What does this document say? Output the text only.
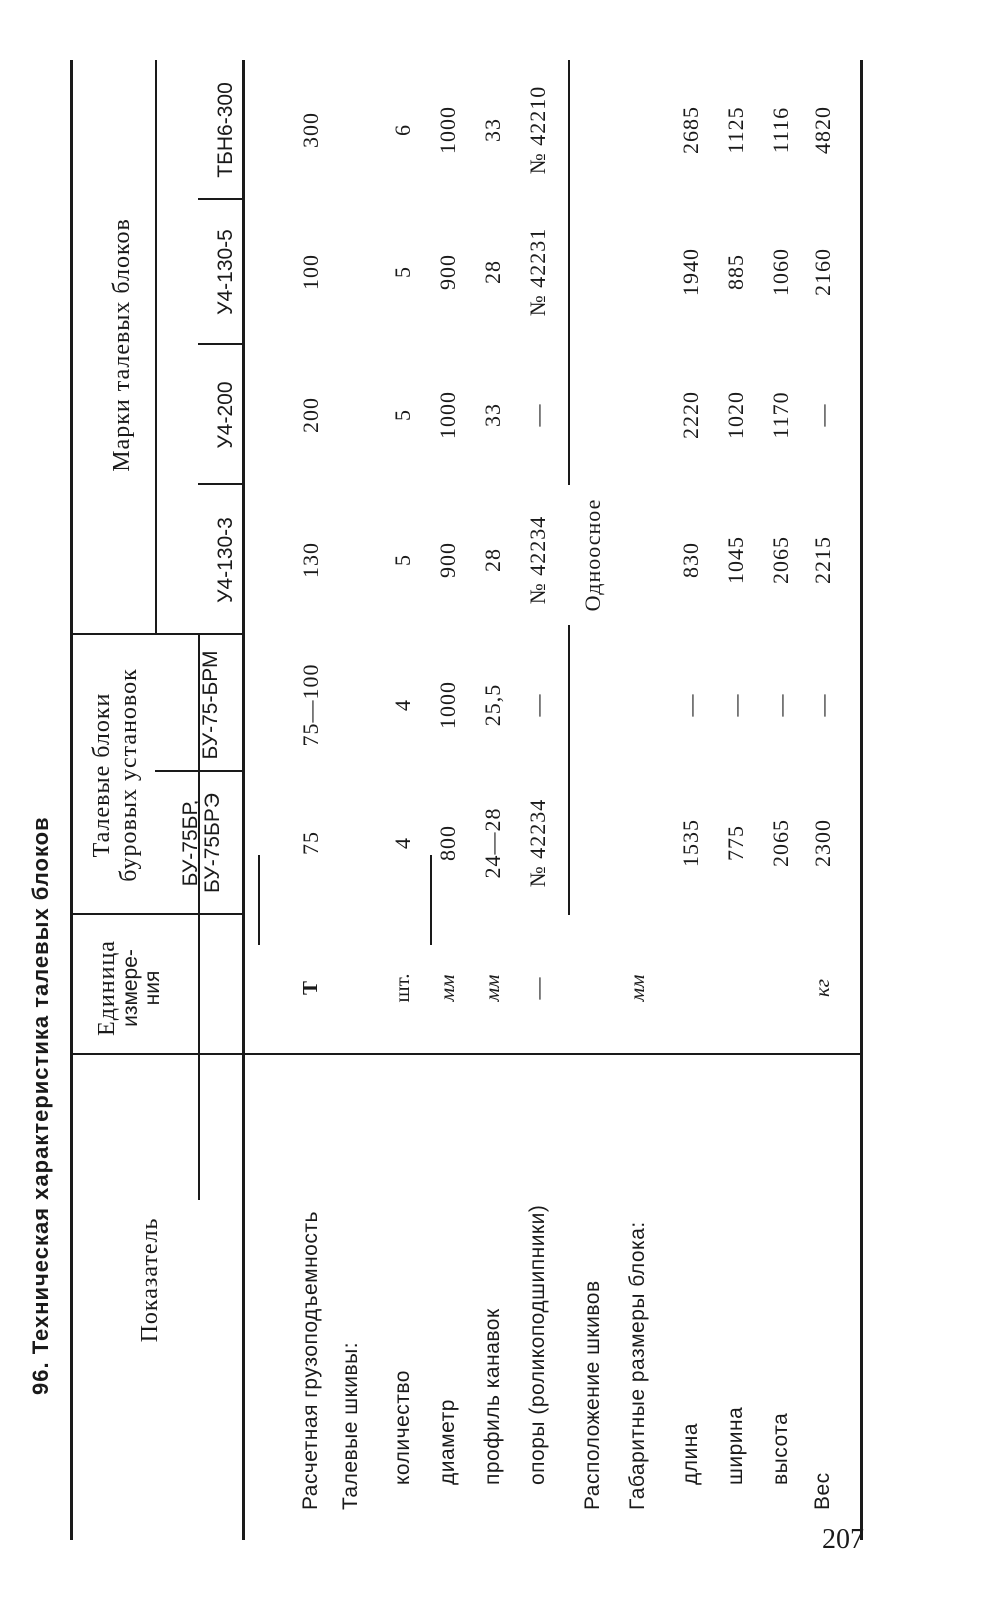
96. Техническая характеристика талевых блоков	Показатель
Единица измере- ния
Талевые блоки буровых установок
Марки талевых блоков
БУ-75БР, БУ-75БРЭ
БУ-75-БРМ
У4-130-3
У4-200
У4-130-5
ТБН6-300
Расчетная грузоподъемность
Т
75
75—100
130
200
100
300
Талевые шкивы: количество
шт.
4
4
5
5
5
6
диаметр
мм
800
1000
900
1000
900
1000
профиль канавок
мм
24—28
25,5
28
33
28
33
опоры (роликоподшипники)
—
№ 42234
—
№ 42234
—
№ 42231
№ 42210
Расположение шкивов
Одноосное
Габаритные размеры блока:
мм
длина
1535
—
830
2220
1940
2685
ширина
775
—
1045
1020
885
1125
высота
2065
—
2065
1170
1060
1116
Вес
кг
2300
—
2215
—
2160
4820
207
